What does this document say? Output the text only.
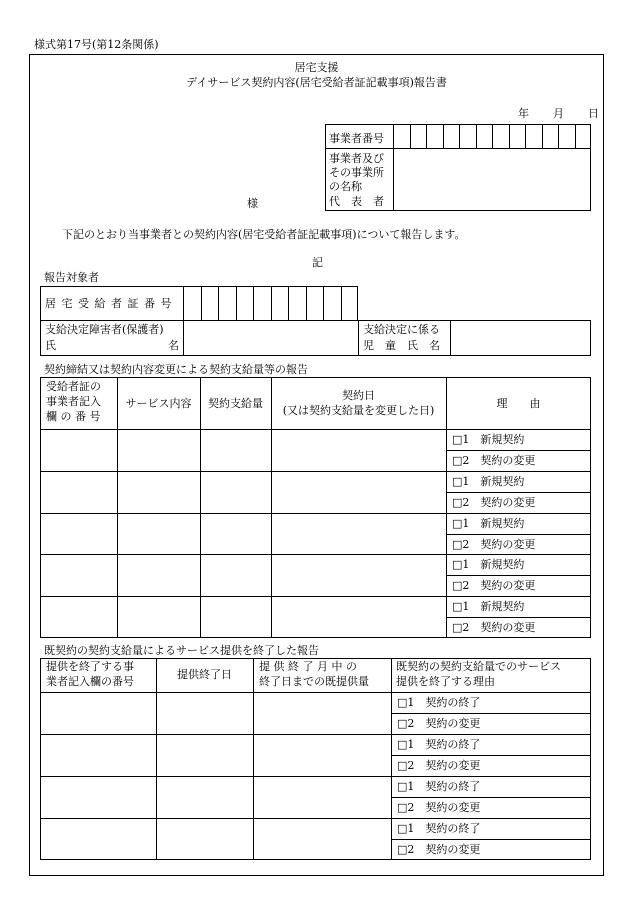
様式第17号(第12条関係)
居宅支援
デイサービス契約内容(居宅受給者証記載事項)報告書
年 月 日
事業者番号
事業者及び
その事業所
の名称
代　表　者
様
下記のとおり当事業者との契約内容(居宅受給者証記載事項)について報告します。
記
報告対象者
居 宅 受 給 者 証 番 号
支給決定障害者(保護者)
氏	名
支給決定に係る
児　童　氏　名
契約締結又は契約内容変更による契約支給量等の報告
受給者証の
事業者記入
欄 の 番 号
サービス内容	契約支給量
契約日
(又は契約支給量を変更した日)
理　　由
□1　新規契約
□2　契約の変更
□1　新規契約
□2　契約の変更
□1　新規契約
□2　契約の変更
□1　新規契約
□2　契約の変更
□1　新規契約
□2　契約の変更
既契約の契約支給量によるサービス提供を終了した報告
提供を終了する事
業者記入欄の番号
提供終了日
提 供 終 了 月 中 の
終了日までの既提供量
既契約の契約支給量でのサービス
提供を終了する理由
□1　契約の終了
□2　契約の変更
□1　契約の終了
□2　契約の変更
□1　契約の終了
□2　契約の変更
□1　契約の終了
□2　契約の変更
